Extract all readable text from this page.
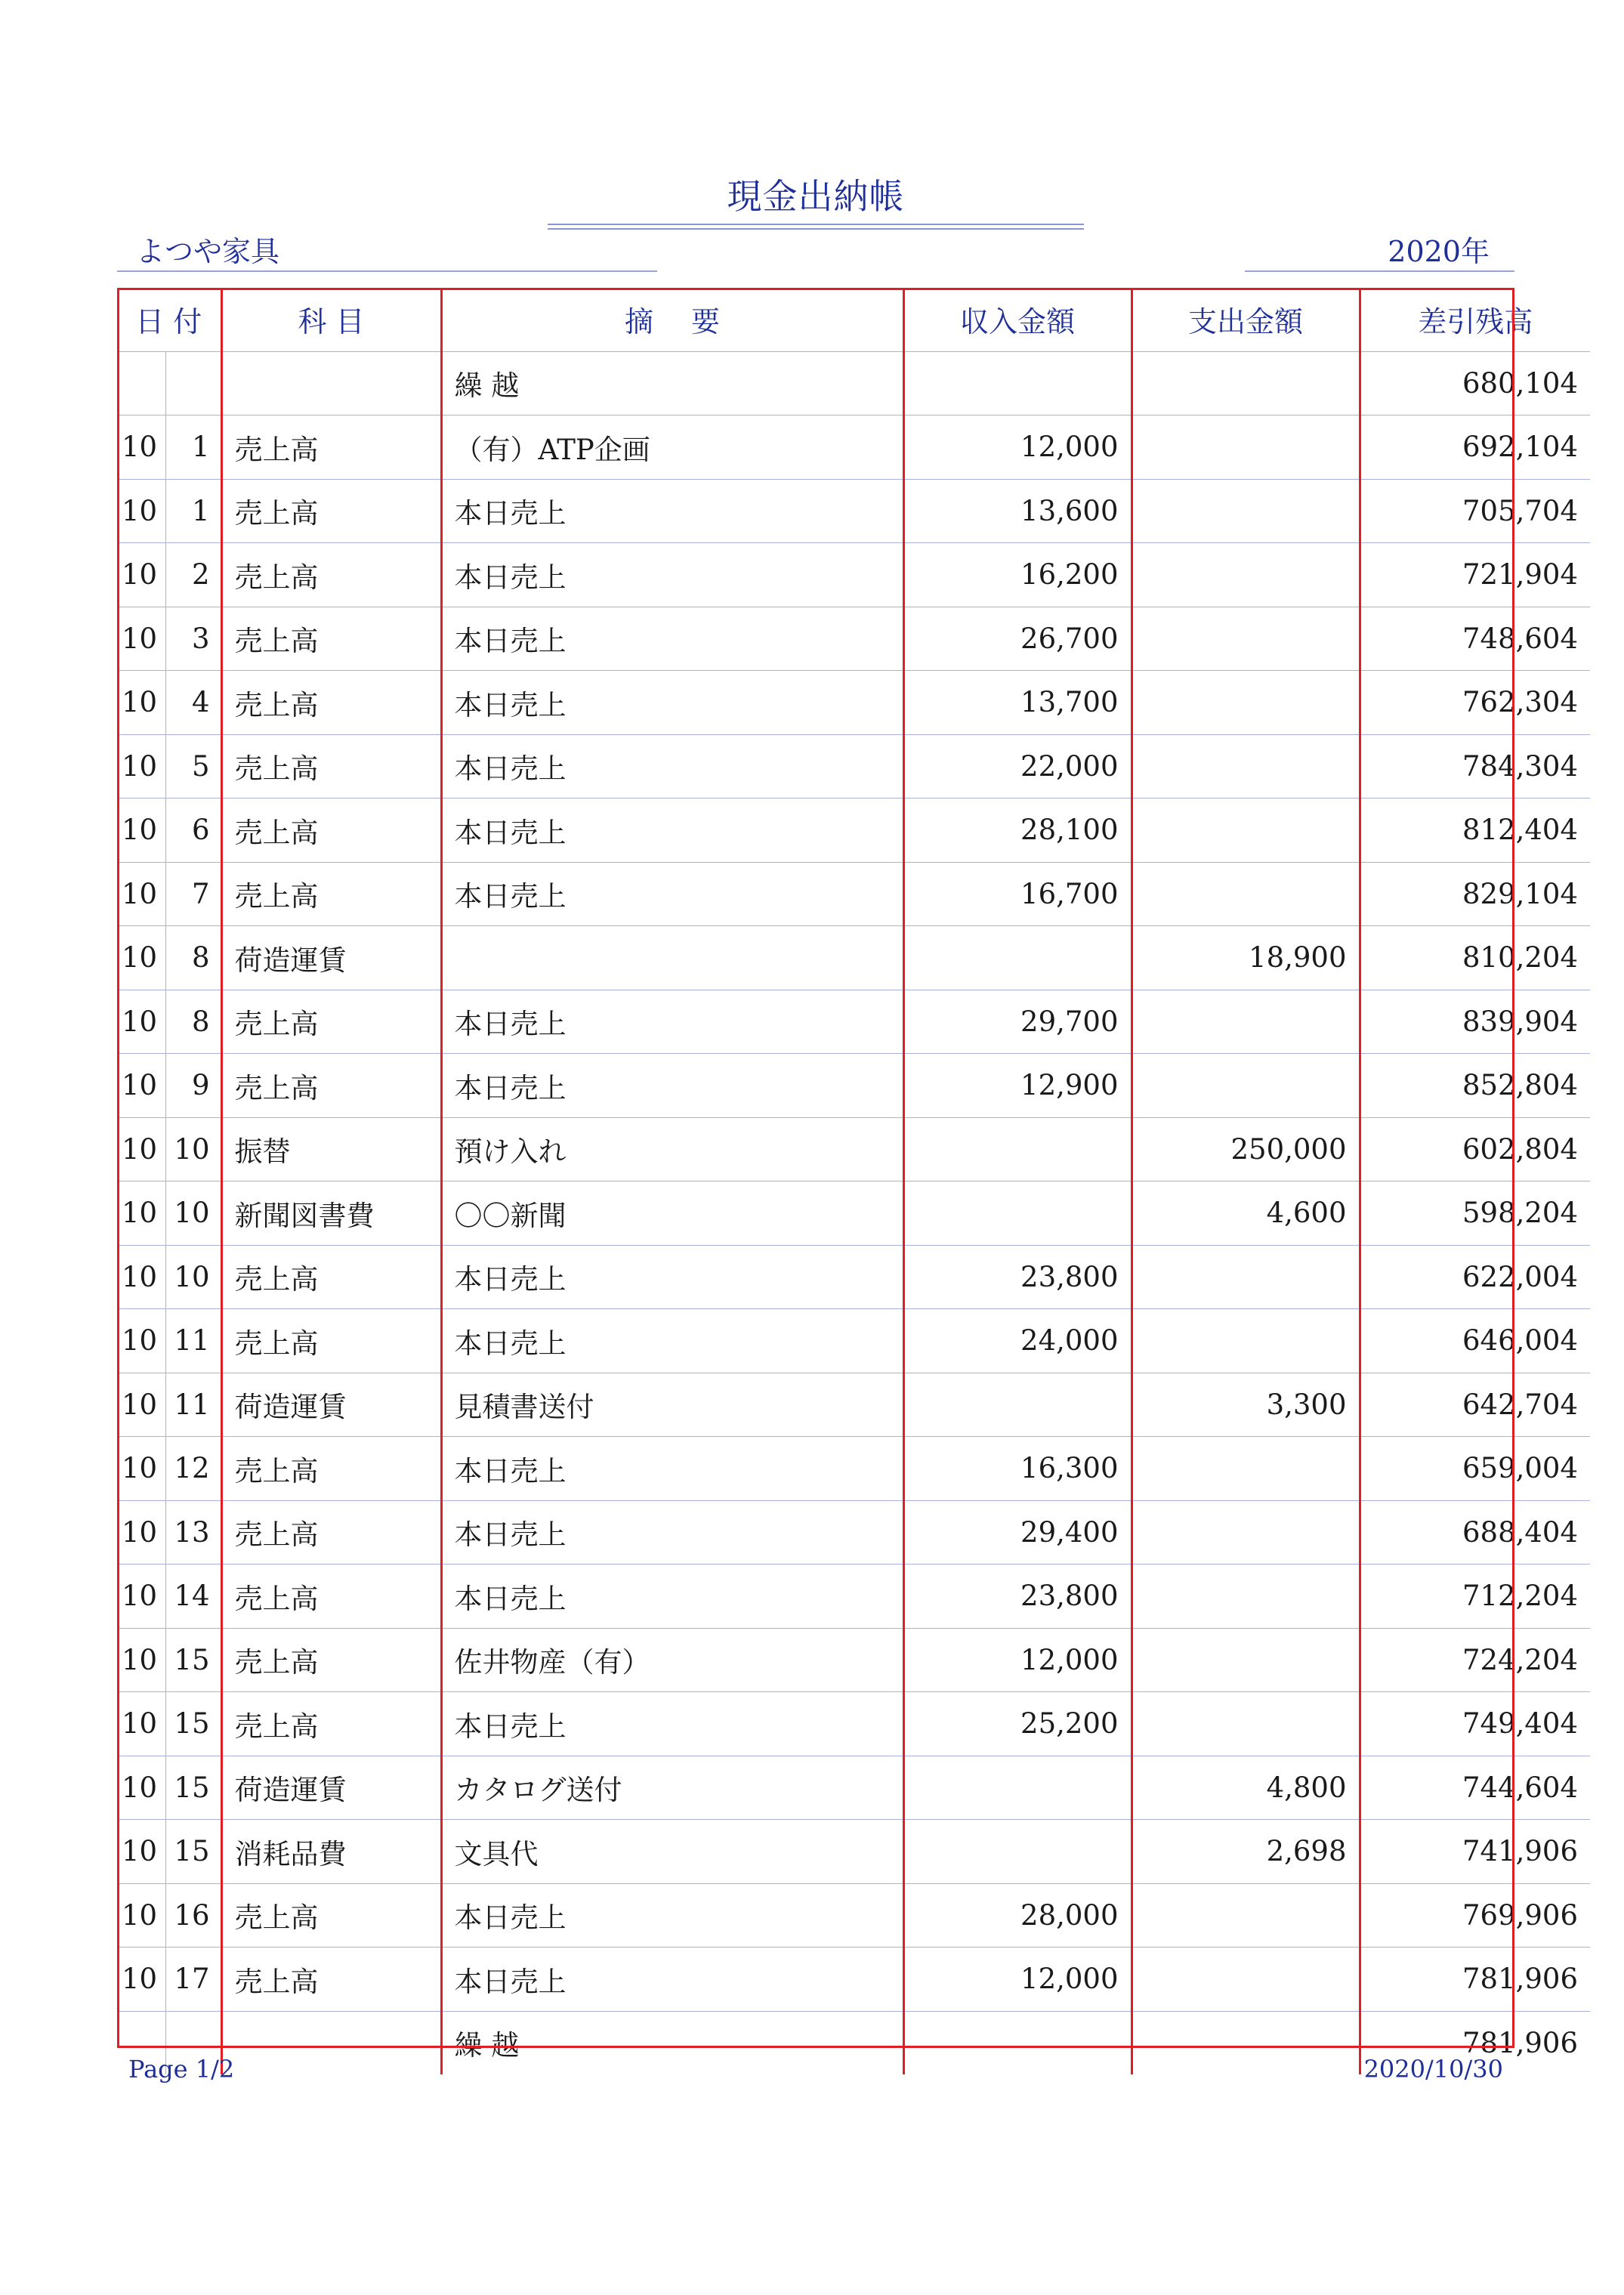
現金出納帳
よつや家具	2020年
日 付		科 目	摘　 要	収入金額	支出金額	差引残高
			繰 越			680,104
10	1	売上高	（有）ATP企画	12,000		692,104
10	1	売上高	本日売上	13,600		705,704
10	2	売上高	本日売上	16,200		721,904
10	3	売上高	本日売上	26,700		748,604
10	4	売上高	本日売上	13,700		762,304
10	5	売上高	本日売上	22,000		784,304
10	6	売上高	本日売上	28,100		812,404
10	7	売上高	本日売上	16,700		829,104
10	8	荷造運賃			18,900	810,204
10	8	売上高	本日売上	29,700		839,904
10	9	売上高	本日売上	12,900		852,804
10	10	振替	預け入れ		250,000	602,804
10	10	新聞図書費	〇〇新聞		4,600	598,204
10	10	売上高	本日売上	23,800		622,004
10	11	売上高	本日売上	24,000		646,004
10	11	荷造運賃	見積書送付		3,300	642,704
10	12	売上高	本日売上	16,300		659,004
10	13	売上高	本日売上	29,400		688,404
10	14	売上高	本日売上	23,800		712,204
10	15	売上高	佐井物産（有）	12,000		724,204
10	15	売上高	本日売上	25,200		749,404
10	15	荷造運賃	カタログ送付		4,800	744,604
10	15	消耗品費	文具代		2,698	741,906
10	16	売上高	本日売上	28,000		769,906
10	17	売上高	本日売上	12,000		781,906
			繰 越			781,906
Page 1/2	2020/10/30
